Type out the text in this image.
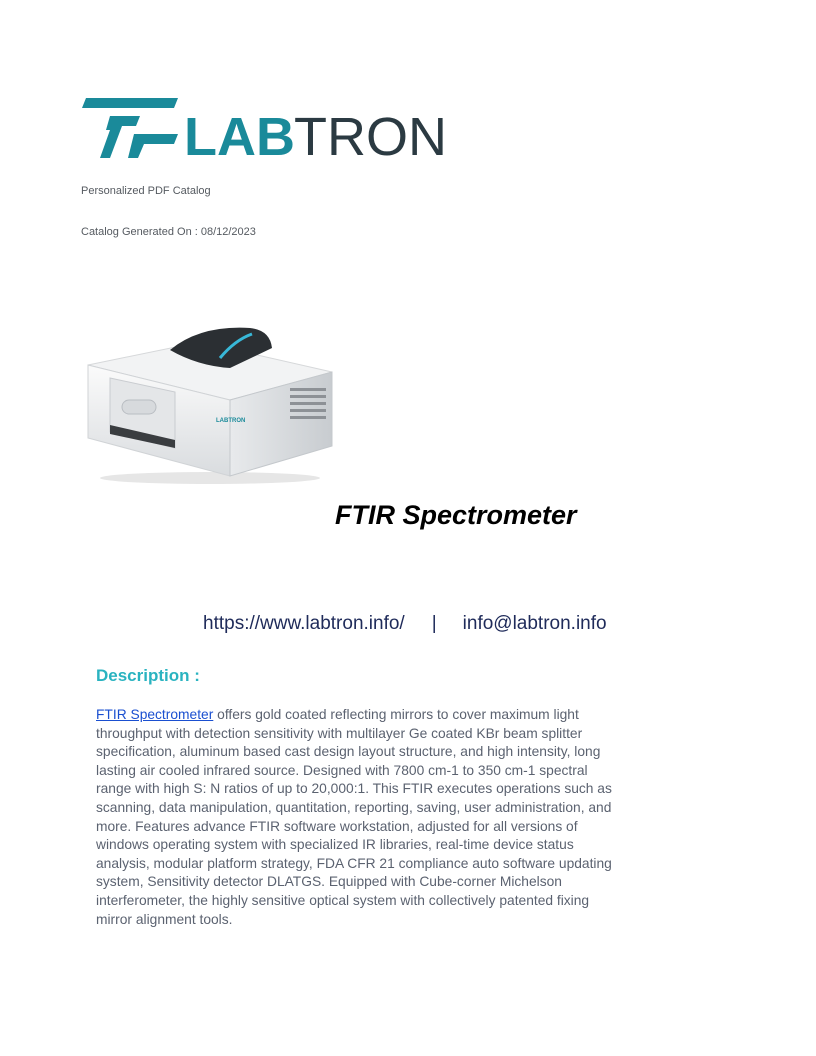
LAB TRON
Personalized PDF Catalog
Catalog Generated On : 08/12/2023
LABTRON
FTIR Spectrometer
https://www.labtron.info/ | info@labtron.info
Description :

FTIR Spectrometer offers gold coated reflecting mirrors to cover maximum light throughput with detection sensitivity with multilayer Ge coated KBr beam splitter specification, aluminum based cast design layout structure, and high intensity, long lasting air cooled infrared source. Designed with 7800 cm-1 to 350 cm-1 spectral range with high S: N ratios of up to 20,000:1. This FTIR executes operations such as scanning, data manipulation, quantitation, reporting, saving, user administration, and more. Features advance FTIR software workstation, adjusted for all versions of windows operating system with specialized IR libraries, real-time device status analysis, modular platform strategy, FDA CFR 21 compliance auto software updating system, Sensitivity detector DLATGS. Equipped with Cube-corner Michelson interferometer, the highly sensitive optical system with collectively patented fixing mirror alignment tools.
